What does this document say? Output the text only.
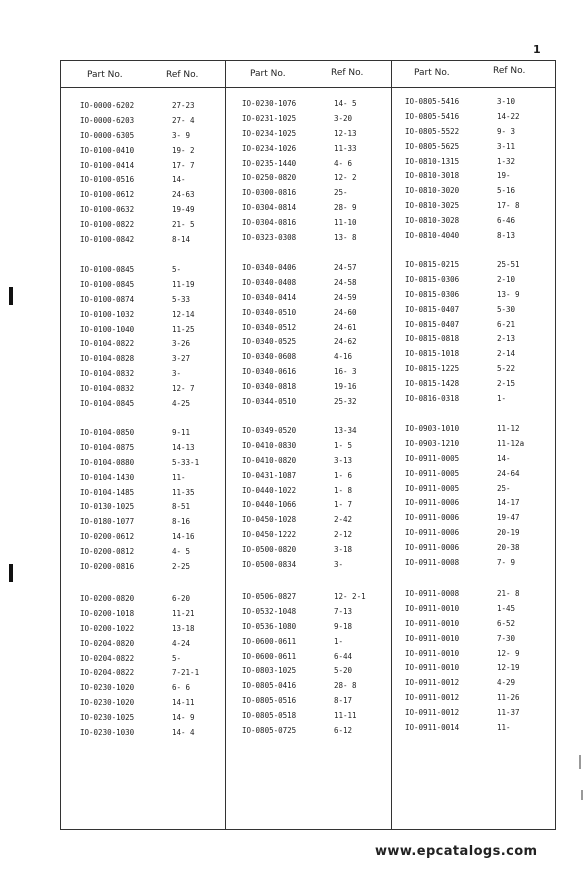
1
Part No.	Ref No.	Part No.	Ref No.	Part No.	Ref No.
IO-0000-6202	27-23
IO-0000-6203	27- 4
IO-0000-6305	3- 9
IO-0100-0410	19- 2
IO-0100-0414	17- 7
IO-0100-0516	14-
IO-0100-0612	24-63
IO-0100-0632	19-49
IO-0100-0822	21- 5
IO-0100-0842	8-14
IO-0100-0845	5-
IO-0100-0845	11-19
IO-0100-0874	5-33
IO-0100-1032	12-14
IO-0100-1040	11-25
IO-0104-0822	3-26
IO-0104-0828	3-27
IO-0104-0832	3-
IO-0104-0832	12- 7
IO-0104-0845	4-25
IO-0104-0850	9-11
IO-0104-0875	14-13
IO-0104-0880	5-33-1
IO-0104-1430	11-
IO-0104-1485	11-35
IO-0130-1025	8-51
IO-0180-1077	8-16
IO-0200-0612	14-16
IO-0200-0812	4- 5
IO-0200-0816	2-25
IO-0200-0820	6-20
IO-0200-1018	11-21
IO-0200-1022	13-18
IO-0204-0820	4-24
IO-0204-0822	5-
IO-0204-0822	7-21-1
IO-0230-1020	6- 6
IO-0230-1020	14-11
IO-0230-1025	14- 9
IO-0230-1030	14- 4
IO-0230-1076	14- 5
IO-0231-1025	3-20
IO-0234-1025	12-13
IO-0234-1026	11-33
IO-0235-1440	4- 6
IO-0250-0820	12- 2
IO-0300-0816	25-
IO-0304-0814	28- 9
IO-0304-0816	11-10
IO-0323-0308	13- 8
IO-0340-0406	24-57
IO-0340-0408	24-58
IO-0340-0414	24-59
IO-0340-0510	24-60
IO-0340-0512	24-61
IO-0340-0525	24-62
IO-0340-0608	4-16
IO-0340-0616	16- 3
IO-0340-0818	19-16
IO-0344-0510	25-32
IO-0349-0520	13-34
IO-0410-0830	1- 5
IO-0410-0820	3-13
IO-0431-1087	1- 6
IO-0440-1022	1- 8
IO-0440-1066	1- 7
IO-0450-1028	2-42
IO-0450-1222	2-12
IO-0500-0820	3-18
IO-0500-0834	3-
IO-0506-0827	12- 2-1
IO-0532-1048	7-13
IO-0536-1080	9-18
IO-0600-0611	1-
IO-0600-0611	6-44
IO-0803-1025	5-20
IO-0805-0416	28- 8
IO-0805-0516	8-17
IO-0805-0518	11-11
IO-0805-0725	6-12
IO-0805-5416	3-10
IO-0805-5416	14-22
IO-0805-5522	9- 3
IO-0805-5625	3-11
IO-0810-1315	1-32
IO-0810-3018	19-
IO-0810-3020	5-16
IO-0810-3025	17- 8
IO-0810-3028	6-46
IO-0810-4040	8-13
IO-0815-0215	25-51
IO-0815-0306	2-10
IO-0815-0306	13- 9
IO-0815-0407	5-30
IO-0815-0407	6-21
IO-0815-0818	2-13
IO-0815-1018	2-14
IO-0815-1225	5-22
IO-0815-1428	2-15
IO-0816-0318	1-
IO-0903-1010	11-12
IO-0903-1210	11-12a
IO-0911-0005	14-
IO-0911-0005	24-64
IO-0911-0005	25-
IO-0911-0006	14-17
IO-0911-0006	19-47
IO-0911-0006	20-19
IO-0911-0006	20-38
IO-0911-0008	7- 9
IO-0911-0008	21- 8
IO-0911-0010	1-45
IO-0911-0010	6-52
IO-0911-0010	7-30
IO-0911-0010	12- 9
IO-0911-0010	12-19
IO-0911-0012	4-29
IO-0911-0012	11-26
IO-0911-0012	11-37
IO-0911-0014	11-
www.epcatalogs.com
